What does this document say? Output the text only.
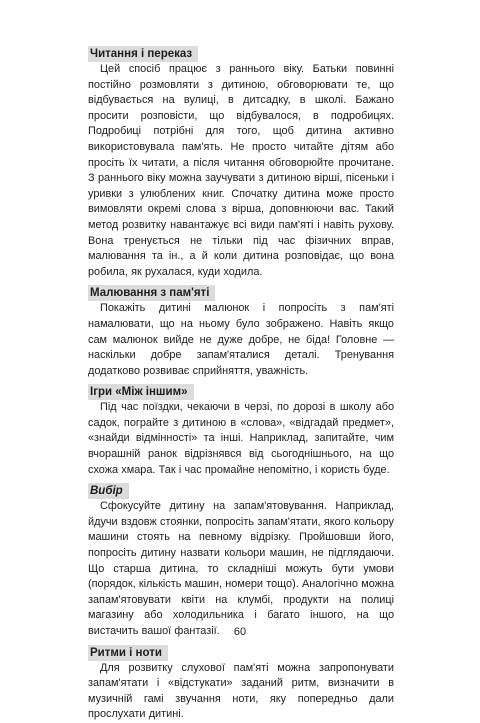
Читання і переказ

Цей спосіб працює з раннього віку. Батьки повинні постійно розмовляти з дитиною, обговорювати те, що відбувається на вулиці, в дитсадку, в школі. Бажано просити розповісти, що відбувалося, в подробицях. Подробиці потрібні для того, щоб дитина активно використовувала пам'ять. Не просто читайте дітям або просіть їх читати, а після читання обговорюйте прочитане. З раннього віку можна заучувати з дитиною вірші, пісеньки і уривки з улюблених книг. Спочатку дитина може просто вимовляти окремі слова з вірша, доповнюючи вас. Такий метод розвитку навантажує всі види пам'яті і навіть рухову. Вона тренується не тільки під час фізичних вправ, малювання та ін., а й коли дитина розповідає, що вона робила, як рухалася, куди ходила.

Малювання з пам'яті

Покажіть дитині малюнок і попросіть з пам'яті намалювати, що на ньому було зображено. Навіть якщо сам малюнок вийде не дуже добре, не біда! Головне — наскільки добре запам'яталися деталі. Тренування додатково розвиває сприйняття, уважність.

Ігри «Між іншим»

Під час поїздки, чекаючи в черзі, по дорозі в школу або садок, пограйте з дитиною в «слова», «відгадай предмет», «знайди відмінності» та інші. Наприклад, запитайте, чим вчорашній ранок відрізнявся від сьогоднішнього, на що схожа хмара. Так і час промайне непомітно, і користь буде.

Вибір

Сфокусуйте дитину на запам'ятовування. Наприклад, йдучи вздовж стоянки, попросіть запам'ятати, якого кольору машини стоять на певному відрізку. Пройшовши його, попросіть дитину назвати кольори машин, не підглядаючи. Що старша дитина, то складніші можуть бути умови (порядок, кількість машин, номери тощо). Аналогічно можна запам'ятовувати квіти на клумбі, продукти на полиці магазину або холодильника і багато іншого, на що вистачить вашої фантазії.

Ритми і ноти

Для розвитку слухової пам'яті можна запропонувати запам'ятати і «відстукати» заданий ритм, визначити в музичній гамі звучання ноти, яку попередньо дали прослухати дитині.

60
